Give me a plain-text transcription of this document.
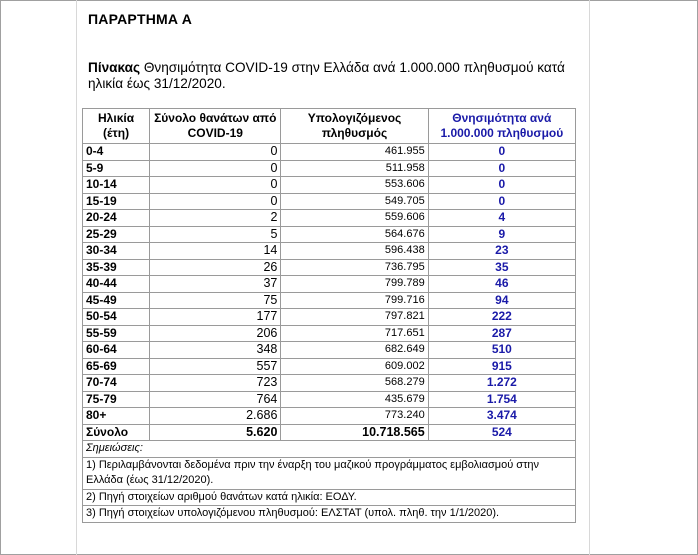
ΠΑΡΑΡΤΗΜΑ Α
Πίνακας Θνησιμότητα COVID-19 στην Ελλάδα ανά 1.000.000 πληθυσμού κατά ηλικία έως 31/12/2020.
Ηλικία (έτη)	Σύνολο θανάτων από COVID-19	Υπολογιζόμενος πληθυσμός	Θνησιμότητα ανά 1.000.000 πληθυσμού
0-4	0	461.955	0
5-9	0	511.958	0
10-14	0	553.606	0
15-19	0	549.705	0
20-24	2	559.606	4
25-29	5	564.676	9
30-34	14	596.438	23
35-39	26	736.795	35
40-44	37	799.789	46
45-49	75	799.716	94
50-54	177	797.821	222
55-59	206	717.651	287
60-64	348	682.649	510
65-69	557	609.002	915
70-74	723	568.279	1.272
75-79	764	435.679	1.754
80+	2.686	773.240	3.474
Σύνολο	5.620	10.718.565	524
Σημειώσεις:			
1) Περιλαμβάνονται δεδομένα πριν την έναρξη του μαζικού προγράμματος εμβολιασμού στην Ελλάδα (έως 31/12/2020).			
2) Πηγή στοιχείων αριθμού θανάτων κατά ηλικία: ΕΟΔΥ.			
3) Πηγή στοιχείων υπολογιζόμενου πληθυσμού: ΕΛΣΤΑΤ (υπολ. πληθ. την 1/1/2020).			
